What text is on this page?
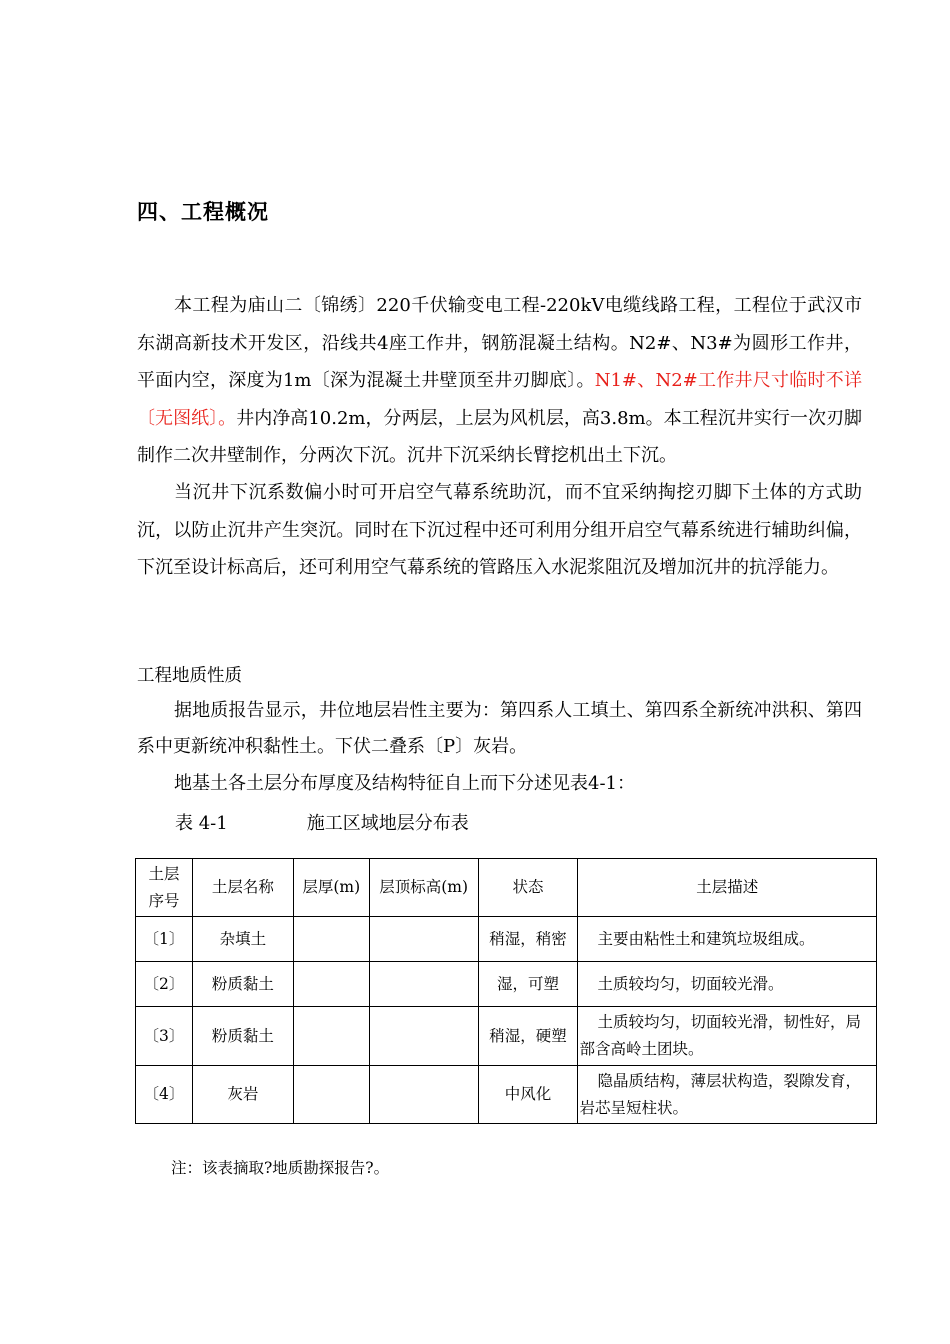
四、工程概况
本工程为庙山二〔锦绣〕220千伏输变电工程-220kV电缆线路工程，工程位于武汉市东湖高新技术开发区，沿线共4座工作井，钢筋混凝土结构。N2#、N3#为圆形工作井，平面内空，深度为1m〔深为混凝土井壁顶至井刃脚底〕。N1#、N2#工作井尺寸临时不详〔无图纸〕。井内净高10.2m，分两层，上层为风机层，高3.8m。本工程沉井实行一次刃脚制作二次井壁制作，分两次下沉。沉井下沉采纳长臂挖机出土下沉。
当沉井下沉系数偏小时可开启空气幕系统助沉，而不宜采纳掏挖刃脚下土体的方式助沉，以防止沉井产生突沉。同时在下沉过程中还可利用分组开启空气幕系统进行辅助纠偏，下沉至设计标高后，还可利用空气幕系统的管路压入水泥浆阻沉及增加沉井的抗浮能力。
工程地质性质
据地质报告显示，井位地层岩性主要为：第四系人工填土、第四系全新统冲洪积、第四系中更新统冲积黏性土。下伏二叠系〔P〕灰岩。
地基土各土层分布厚度及结构特征自上而下分述见表4-1：
表 4-1	施工区域地层分布表
土层序号	土层名称	层厚(m)	层顶标高(m)	状态	土层描述
〔1〕	杂填土			稍湿，稍密	主要由粘性土和建筑垃圾组成。
〔2〕	粉质黏土			湿，可塑	土质较均匀，切面较光滑。
〔3〕	粉质黏土			稍湿，硬塑	土质较均匀，切面较光滑，韧性好，局部含高岭土团块。
〔4〕	灰岩			中风化	隐晶质结构，薄层状构造，裂隙发育，岩芯呈短柱状。
注：该表摘取?地质勘探报告?。
